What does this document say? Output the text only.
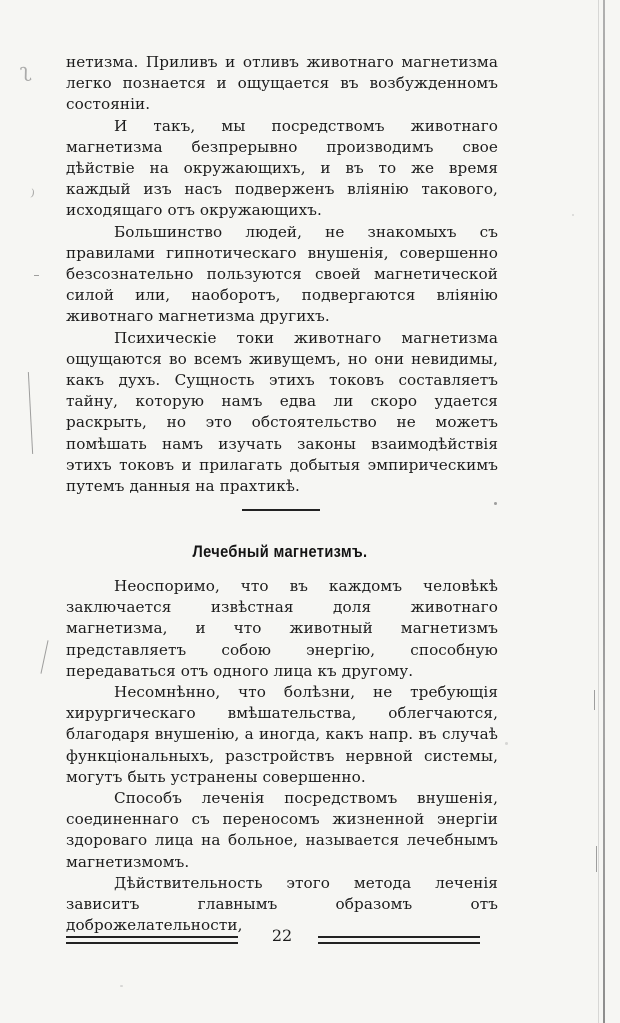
ʅ
⁾

нетизма. Приливъ и отливъ животнаго магнетизма легко познается и ощущается въ возбужденномъ состояніи.

И такъ, мы посредствомъ животнаго магнетизма безпрерывно производимъ свое дѣйствіе на окружающихъ, и въ то же время каждый изъ насъ подверженъ вліянію такового, исходящаго отъ окружающихъ.

Большинство людей, не знакомыхъ съ правилами гипнотическаго внушенія, совершенно безсознательно пользуются своей магнетической силой или, наоборотъ, подвергаются вліянію животнаго магнетизма другихъ.

Психическіе токи животнаго магнетизма ощущаются во всемъ живущемъ, но они невидимы, какъ духъ. Сущность этихъ токовъ составляетъ тайну, которую намъ едва ли скоро удается раскрыть, но это обстоятельство не можетъ помѣшать намъ изучать законы взаимодѣйствія этихъ токовъ и прилагать добытыя эмпирическимъ путемъ данныя на прахтикѣ.

Лечебный магнетизмъ.

Неоспоримо, что въ каждомъ человѣкѣ заключается извѣстная доля животнаго магнетизма, и что животный магнетизмъ представляетъ собою энергію, способную передаваться отъ одного лица къ другому.

Несомнѣнно, что болѣзни, не требующія хирургическаго вмѣшательства, облегчаются, благодаря внушенію, а иногда, какъ напр. въ случаѣ функціональныхъ, разстройствъ нервной системы, могутъ быть устранены совершенно.

Способъ леченія посредствомъ внушенія, соединеннаго съ переносомъ жизненной энергіи здороваго лица на больное, называется лечебнымъ магнетизмомъ.

Дѣйствительность этого метода леченія зависитъ главнымъ образомъ отъ доброжелательности,

22
